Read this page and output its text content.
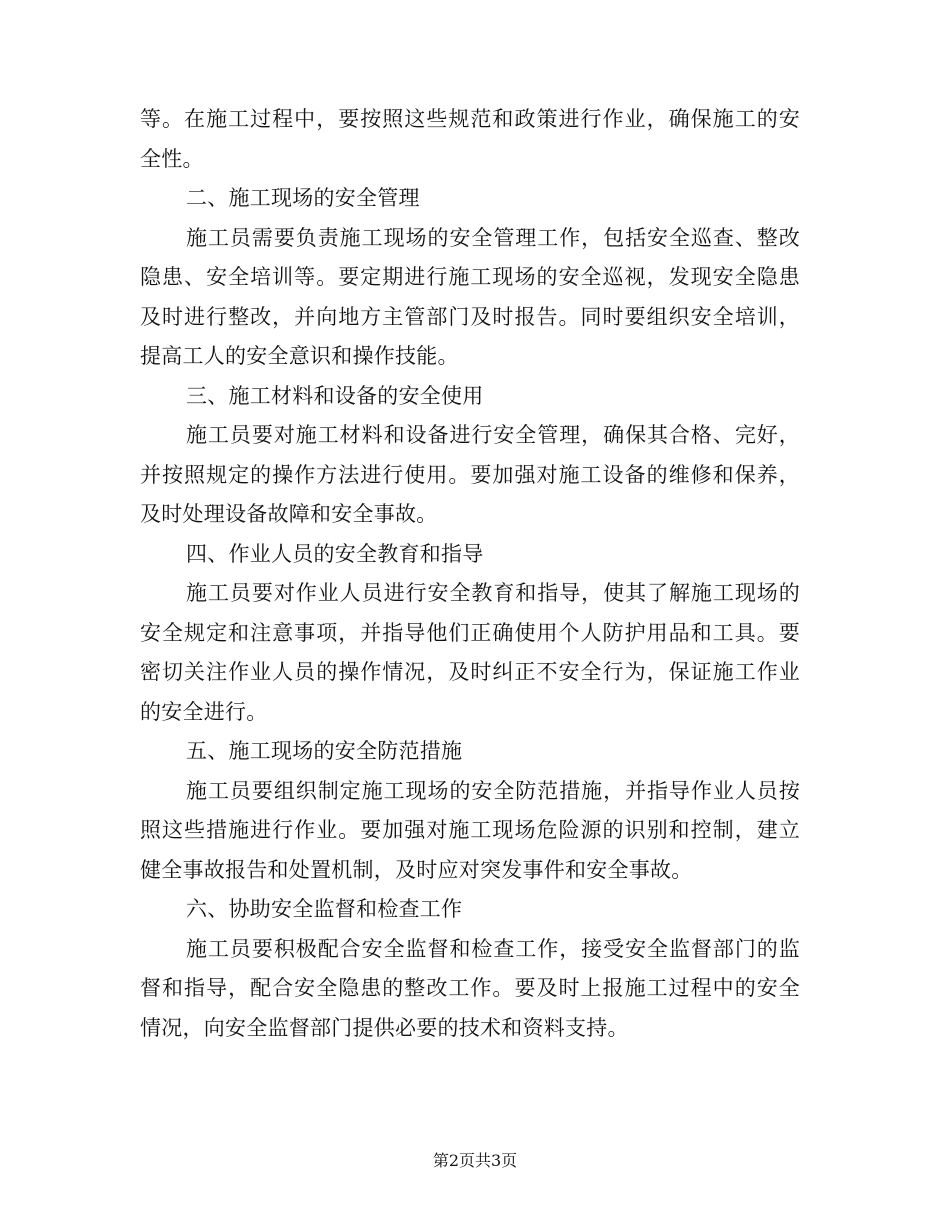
等。在施工过程中，要按照这些规范和政策进行作业，确保施工的安
全性。
二、施工现场的安全管理
施工员需要负责施工现场的安全管理工作，包括安全巡查、整改
隐患、安全培训等。要定期进行施工现场的安全巡视，发现安全隐患
及时进行整改，并向地方主管部门及时报告。同时要组织安全培训，
提高工人的安全意识和操作技能。
三、施工材料和设备的安全使用
施工员要对施工材料和设备进行安全管理，确保其合格、完好，
并按照规定的操作方法进行使用。要加强对施工设备的维修和保养，
及时处理设备故障和安全事故。
四、作业人员的安全教育和指导
施工员要对作业人员进行安全教育和指导，使其了解施工现场的
安全规定和注意事项，并指导他们正确使用个人防护用品和工具。要
密切关注作业人员的操作情况，及时纠正不安全行为，保证施工作业
的安全进行。
五、施工现场的安全防范措施
施工员要组织制定施工现场的安全防范措施，并指导作业人员按
照这些措施进行作业。要加强对施工现场危险源的识别和控制，建立
健全事故报告和处置机制，及时应对突发事件和安全事故。
六、协助安全监督和检查工作
施工员要积极配合安全监督和检查工作，接受安全监督部门的监
督和指导，配合安全隐患的整改工作。要及时上报施工过程中的安全
情况，向安全监督部门提供必要的技术和资料支持。
第2页共3页
